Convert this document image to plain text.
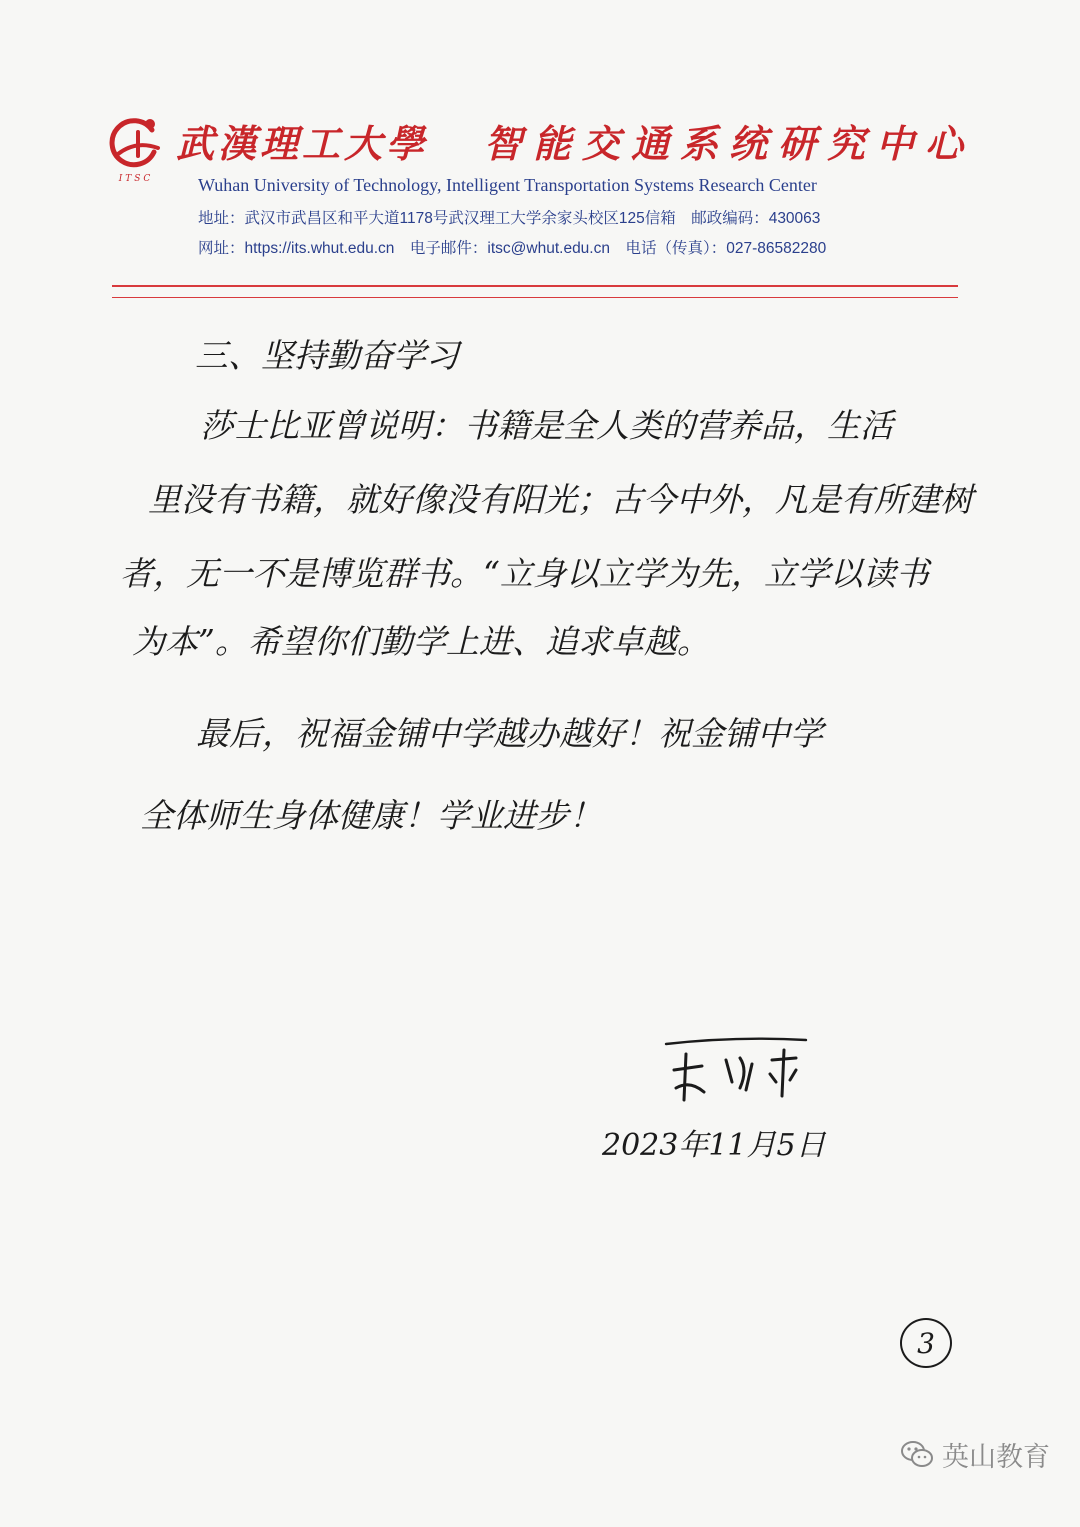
ITSC
武漢理工大學 智能交通系统研究中心
Wuhan University of Technology, Intelligent Transportation Systems Research Center
地址：武汉市武昌区和平大道1178号武汉理工大学余家头校区125信箱　邮政编码：430063
网址：https://its.whut.edu.cn　电子邮件：itsc@whut.edu.cn　电话（传真）：027-86582280
三、坚持勤奋学习
莎士比亚曾说明：书籍是全人类的营养品，生活
里没有书籍，就好像没有阳光；古今中外，凡是有所建树
者，无一不是博览群书。“立身以立学为先，立学以读书
为本”。希望你们勤学上进、追求卓越。
最后，祝福金铺中学越办越好！祝金铺中学
全体师生身体健康！学业进步！
2023年11月5日
3
英山教育
